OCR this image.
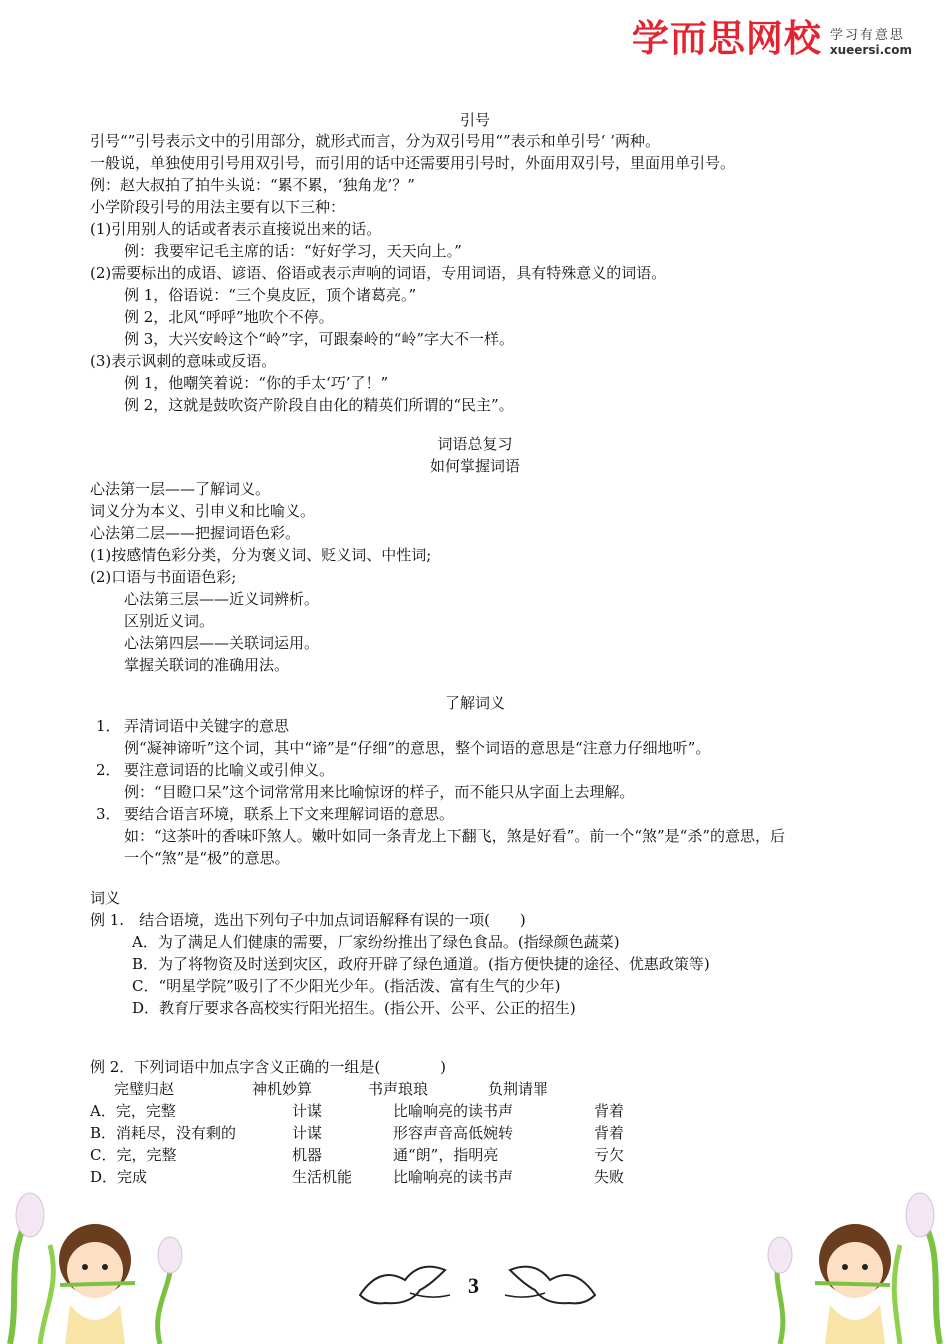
学而思网校 学习有意思
xueersi.com
引号
引号“”引号表示文中的引用部分，就形式而言，分为双引号用“”表示和单引号‘ ’两种。
一般说，单独使用引号用双引号，而引用的话中还需要用引号时，外面用双引号，里面用单引号。
例：赵大叔拍了拍牛头说：“累不累，‘独角龙’？”
小学阶段引号的用法主要有以下三种：
(1)引用别人的话或者表示直接说出来的话。
例：我要牢记毛主席的话：“好好学习，天天向上。”
(2)需要标出的成语、谚语、俗语或表示声响的词语，专用词语，具有特殊意义的词语。
例 1，俗语说：“三个臭皮匠，顶个诸葛亮。”
例 2，北风“呼呼”地吹个不停。
例 3，大兴安岭这个“岭”字，可跟秦岭的“岭”字大不一样。
(3)表示讽刺的意味或反语。
例 1，他嘲笑着说：“你的手太‘巧’了！”
例 2，这就是鼓吹资产阶段自由化的精英们所谓的“民主”。
词语总复习
如何掌握词语
心法第一层——了解词义。
词义分为本义、引申义和比喻义。
心法第二层——把握词语色彩。
(1)按感情色彩分类，分为褒义词、贬义词、中性词;
(2)口语与书面语色彩;
心法第三层——近义词辨析。
区别近义词。
心法第四层——关联词运用。
掌握关联词的准确用法。
了解词义
1． 弄清词语中关键字的意思
例“凝神谛听”这个词，其中“谛”是“仔细”的意思，整个词语的意思是“注意力仔细地听”。
2． 要注意词语的比喻义或引伸义。
例：“目瞪口呆”这个词常常用来比喻惊讶的样子，而不能只从字面上去理解。
3． 要结合语言环境，联系上下文来理解词语的意思。
如：“这茶叶的香味吓煞人。嫩叶如同一条青龙上下翻飞，煞是好看”。前一个“煞”是“杀”的意思，后
一个“煞”是“极”的意思。
词义
例 1.　结合语境，选出下列句子中加点词语解释有误的一项(　　)
A．为了满足人们健康的需要，厂家纷纷推出了绿色食品。(指绿颜色蔬菜)
B．为了将物资及时送到灾区，政府开辟了绿色通道。(指方便快捷的途径、优惠政策等)
C．“明星学院”吸引了不少阳光少年。(指活泼、富有生气的少年)
D．教育厅要求各高校实行阳光招生。(指公开、公平、公正的招生)
例 2．下列词语中加点字含义正确的一组是(　　　　)
完璧归赵	神机妙算	书声琅琅	负荆请罪
A．完，完整	计谋	比喻响亮的读书声	背着
B．消耗尽，没有剩的	计谋	形容声音高低婉转	背着
C．完，完整	机器	通“朗”，指明亮	亏欠
D．完成	生活机能	比喻响亮的读书声	失败
3
